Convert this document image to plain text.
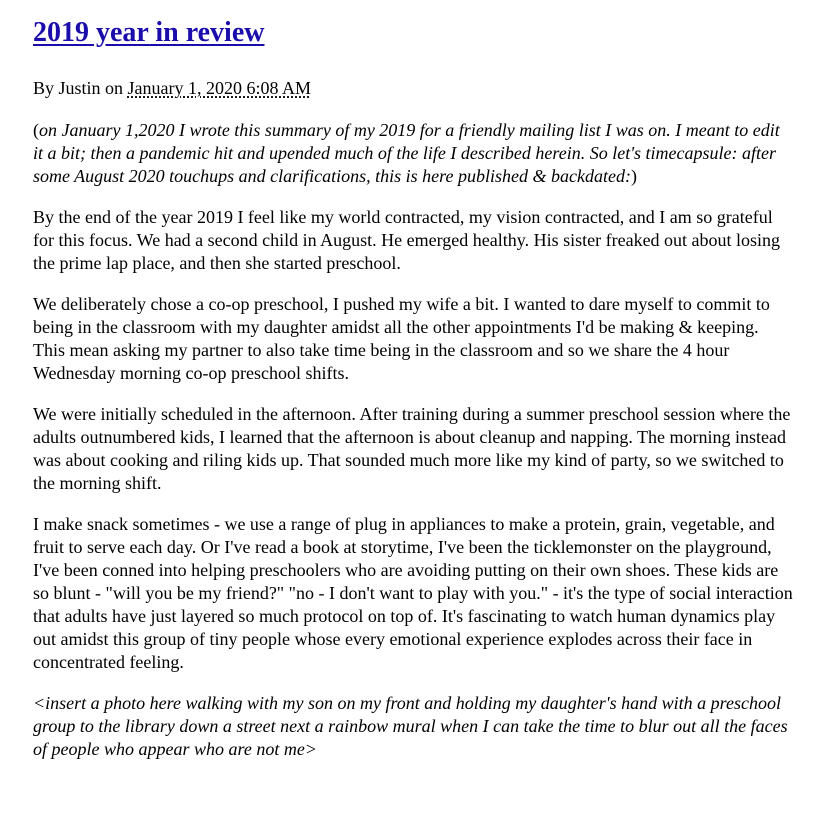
2019 year in review
By Justin on January 1, 2020 6:08 AM

(on January 1,2020 I wrote this summary of my 2019 for a friendly mailing list I was on. I meant to edit it a bit; then a pandemic hit and upended much of the life I described herein. So let's timecapsule: after some August 2020 touchups and clarifications, this is here published & backdated:)

By the end of the year 2019 I feel like my world contracted, my vision contracted, and I am so grateful for this focus. We had a second child in August. He emerged healthy. His sister freaked out about losing the prime lap place, and then she started preschool.

We deliberately chose a co-op preschool, I pushed my wife a bit. I wanted to dare myself to commit to being in the classroom with my daughter amidst all the other appointments I'd be making & keeping. This mean asking my partner to also take time being in the classroom and so we share the 4 hour Wednesday morning co-op preschool shifts.

We were initially scheduled in the afternoon. After training during a summer preschool session where the adults outnumbered kids, I learned that the afternoon is about cleanup and napping. The morning instead was about cooking and riling kids up. That sounded much more like my kind of party, so we switched to the morning shift.

I make snack sometimes - we use a range of plug in appliances to make a protein, grain, vegetable, and fruit to serve each day. Or I've read a book at storytime, I've been the ticklemonster on the playground, I've been conned into helping preschoolers who are avoiding putting on their own shoes. These kids are so blunt - "will you be my friend?" "no - I don't want to play with you." - it's the type of social interaction that adults have just layered so much protocol on top of. It's fascinating to watch human dynamics play out amidst this group of tiny people whose every emotional experience explodes across their face in concentrated feeling.

<insert a photo here walking with my son on my front and holding my daughter's hand with a preschool group to the library down a street next a rainbow mural when I can take the time to blur out all the faces of people who appear who are not me>
